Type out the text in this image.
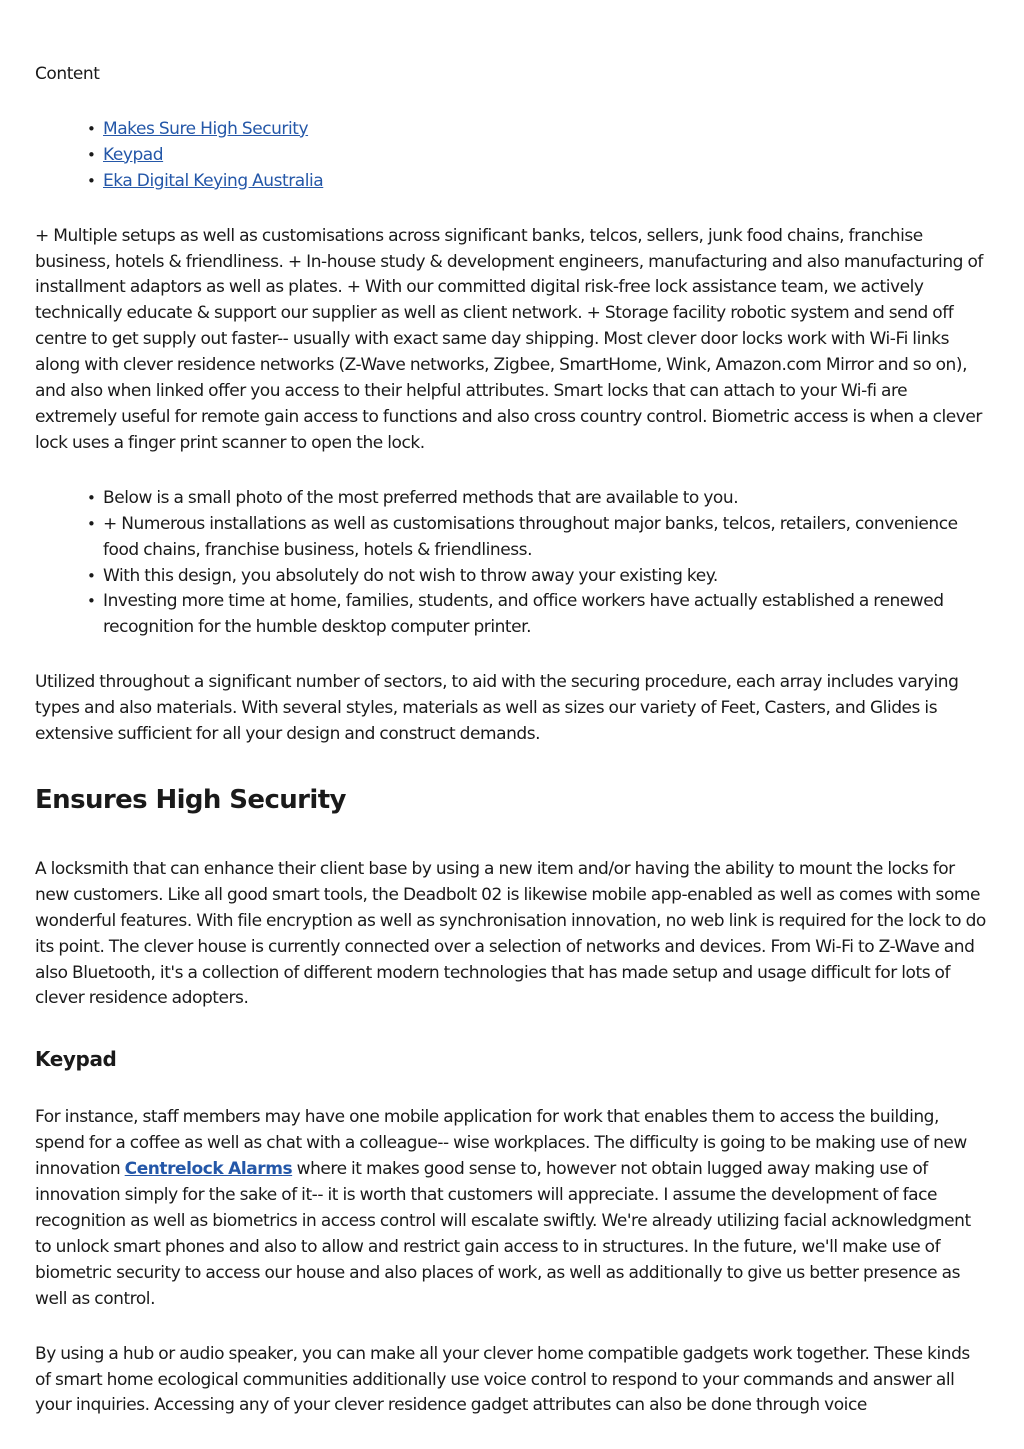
Content

• Makes Sure High Security
• Keypad
• Eka Digital Keying Australia

+ Multiple setups as well as customisations across significant banks, telcos, sellers, junk food chains, franchise business, hotels & friendliness. + In-house study & development engineers, manufacturing and also manufacturing of installment adaptors as well as plates. + With our committed digital risk-free lock assistance team, we actively technically educate & support our supplier as well as client network. + Storage facility robotic system and send off centre to get supply out faster-- usually with exact same day shipping. Most clever door locks work with Wi-Fi links along with clever residence networks (Z-Wave networks, Zigbee, SmartHome, Wink, Amazon.com Mirror and so on), and also when linked offer you access to their helpful attributes. Smart locks that can attach to your Wi-fi are extremely useful for remote gain access to functions and also cross country control. Biometric access is when a clever lock uses a finger print scanner to open the lock.

• Below is a small photo of the most preferred methods that are available to you.
• + Numerous installations as well as customisations throughout major banks, telcos, retailers, convenience food chains, franchise business, hotels & friendliness.
• With this design, you absolutely do not wish to throw away your existing key.
• Investing more time at home, families, students, and office workers have actually established a renewed recognition for the humble desktop computer printer.

Utilized throughout a significant number of sectors, to aid with the securing procedure, each array includes varying types and also materials. With several styles, materials as well as sizes our variety of Feet, Casters, and Glides is extensive sufficient for all your design and construct demands.

Ensures High Security

A locksmith that can enhance their client base by using a new item and/or having the ability to mount the locks for new customers. Like all good smart tools, the Deadbolt 02 is likewise mobile app-enabled as well as comes with some wonderful features. With file encryption as well as synchronisation innovation, no web link is required for the lock to do its point. The clever house is currently connected over a selection of networks and devices. From Wi-Fi to Z-Wave and also Bluetooth, it's a collection of different modern technologies that has made setup and usage difficult for lots of clever residence adopters.

Keypad

For instance, staff members may have one mobile application for work that enables them to access the building, spend for a coffee as well as chat with a colleague-- wise workplaces. The difficulty is going to be making use of new innovation Centrelock Alarms where it makes good sense to, however not obtain lugged away making use of innovation simply for the sake of it-- it is worth that customers will appreciate. I assume the development of face recognition as well as biometrics in access control will escalate swiftly. We're already utilizing facial acknowledgment to unlock smart phones and also to allow and restrict gain access to in structures. In the future, we'll make use of biometric security to access our house and also places of work, as well as additionally to give us better presence as well as control.

By using a hub or audio speaker, you can make all your clever home compatible gadgets work together. These kinds of smart home ecological communities additionally use voice control to respond to your commands and answer all your inquiries. Accessing any of your clever residence gadget attributes can also be done through voice
